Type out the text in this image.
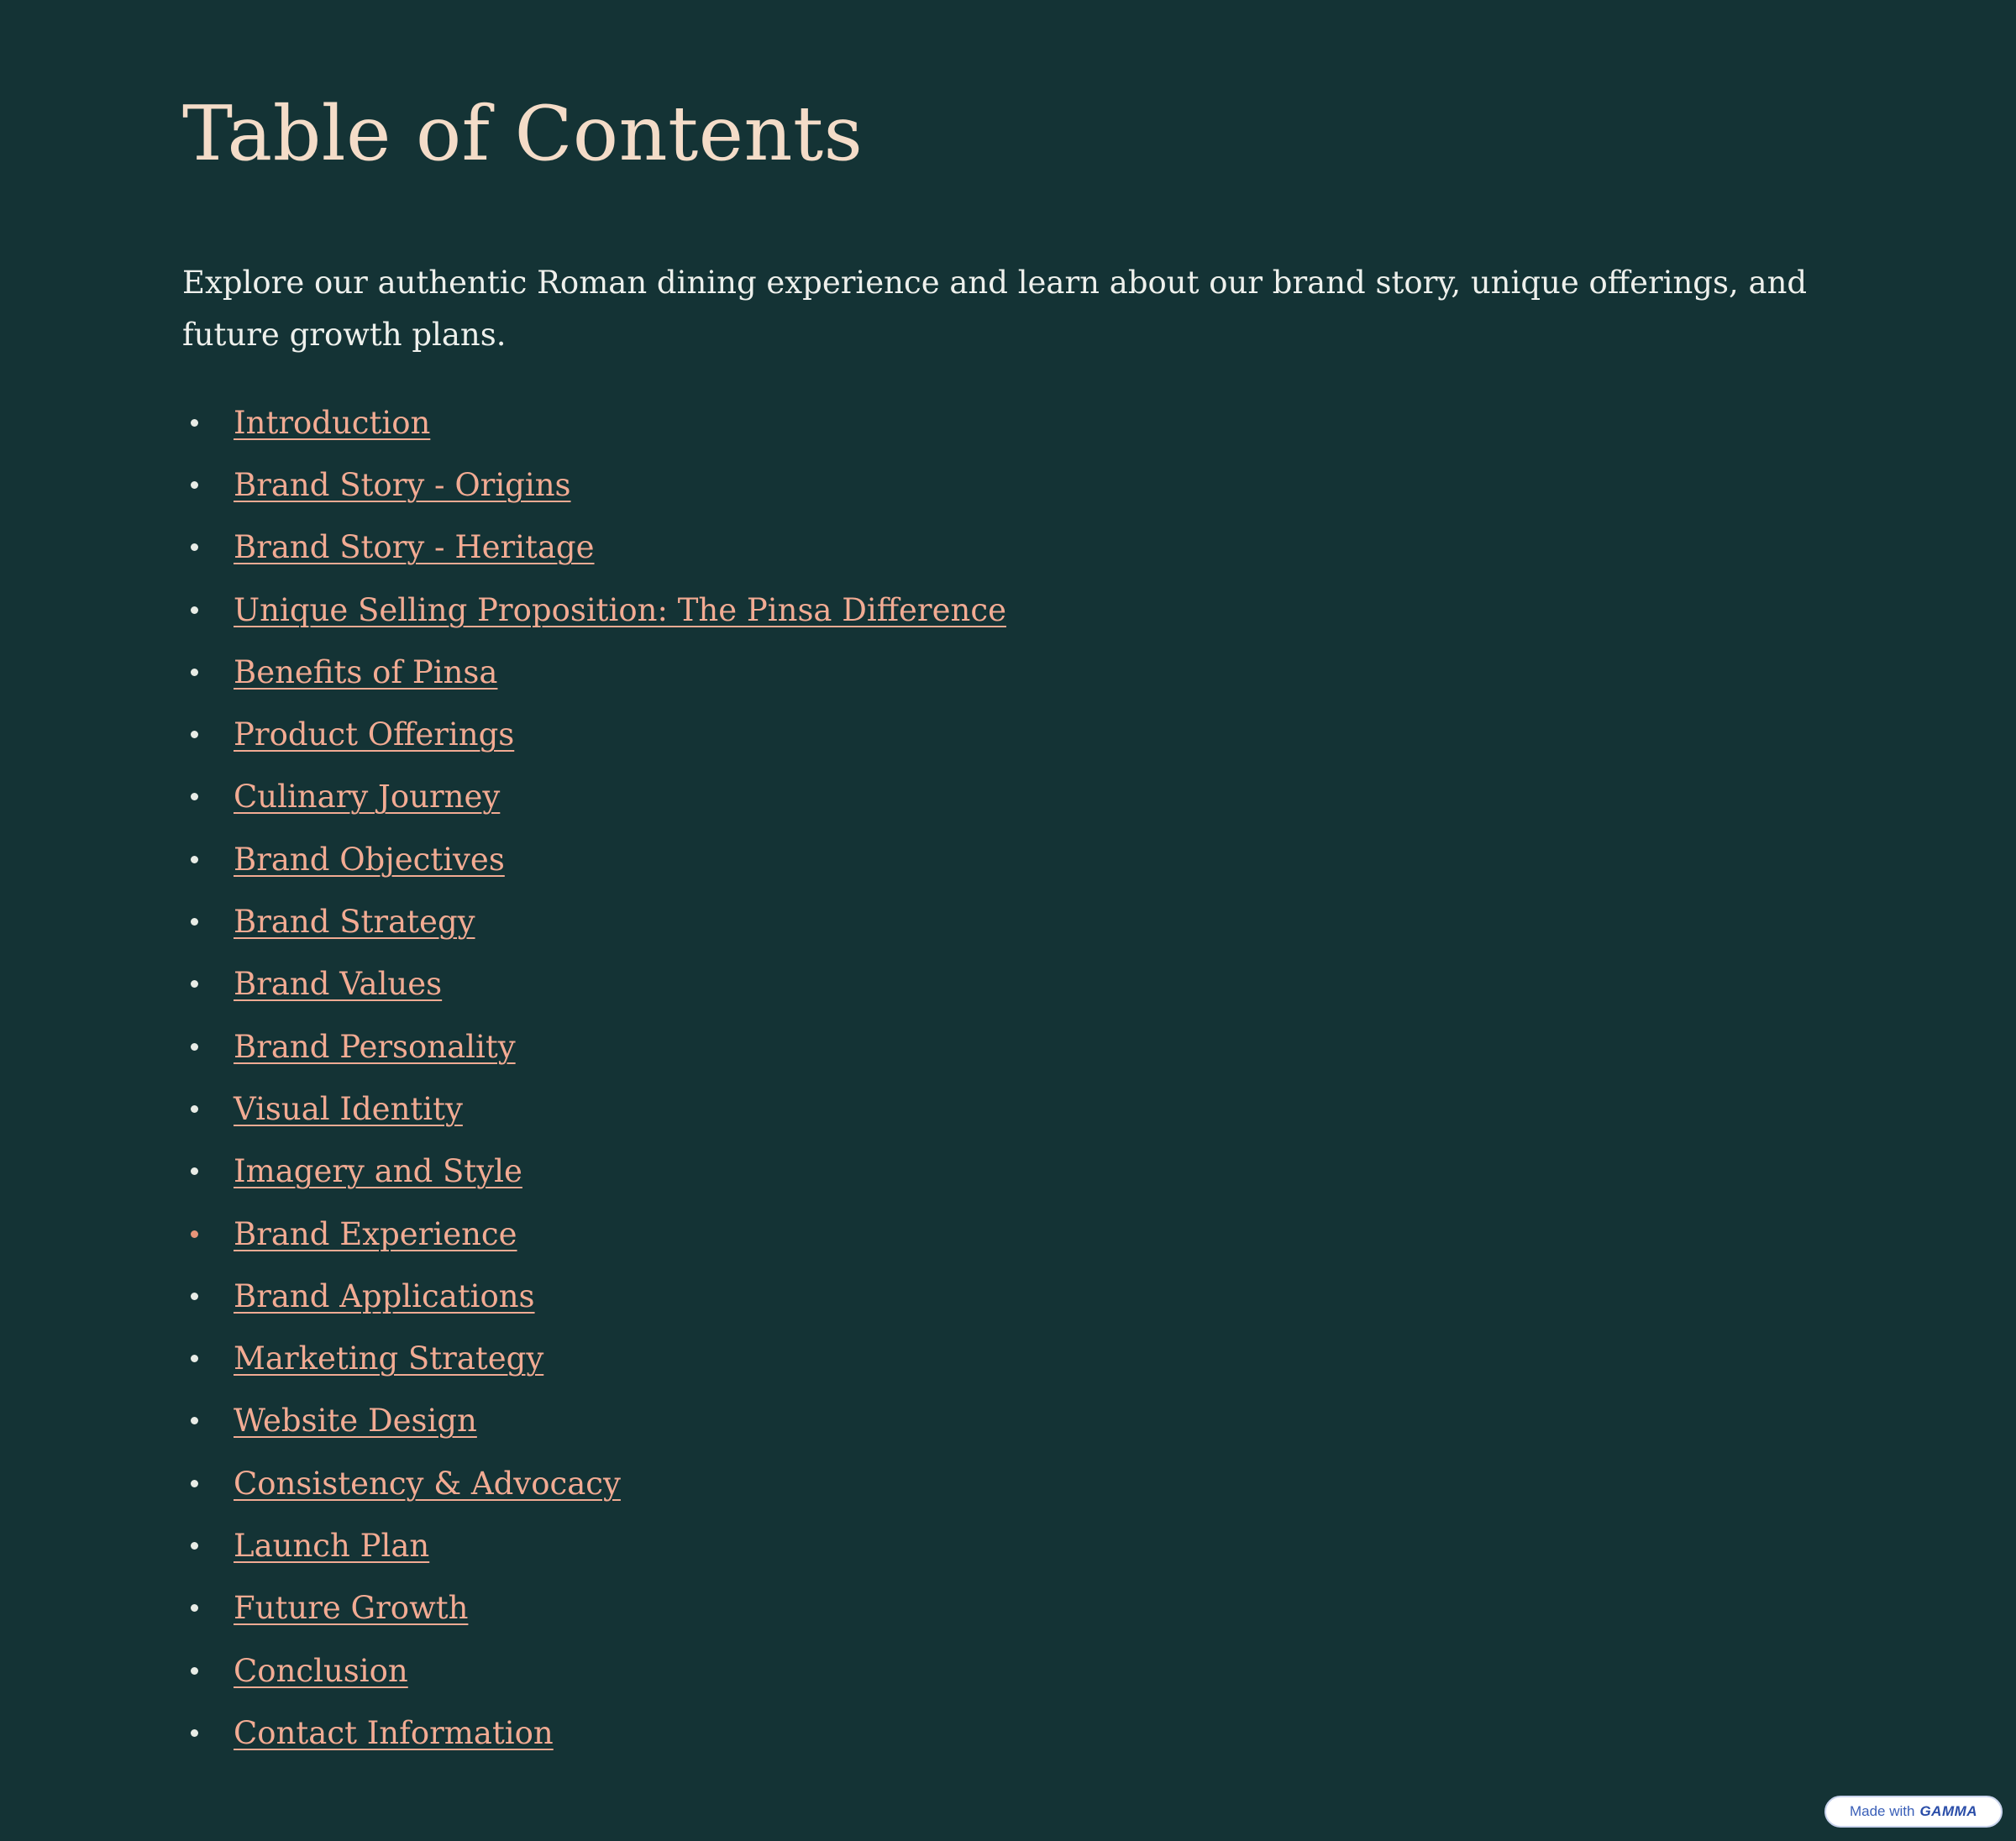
Table of Contents

Explore our authentic Roman dining experience and learn about our brand story, unique offerings, and future growth plans.

Introduction
Brand Story - Origins
Brand Story - Heritage
Unique Selling Proposition: The Pinsa Difference
Benefits of Pinsa
Product Offerings
Culinary Journey
Brand Objectives
Brand Strategy
Brand Values
Brand Personality
Visual Identity
Imagery and Style
Brand Experience
Brand Applications
Marketing Strategy
Website Design
Consistency & Advocacy
Launch Plan
Future Growth
Conclusion
Contact Information
Made with GAMMA
